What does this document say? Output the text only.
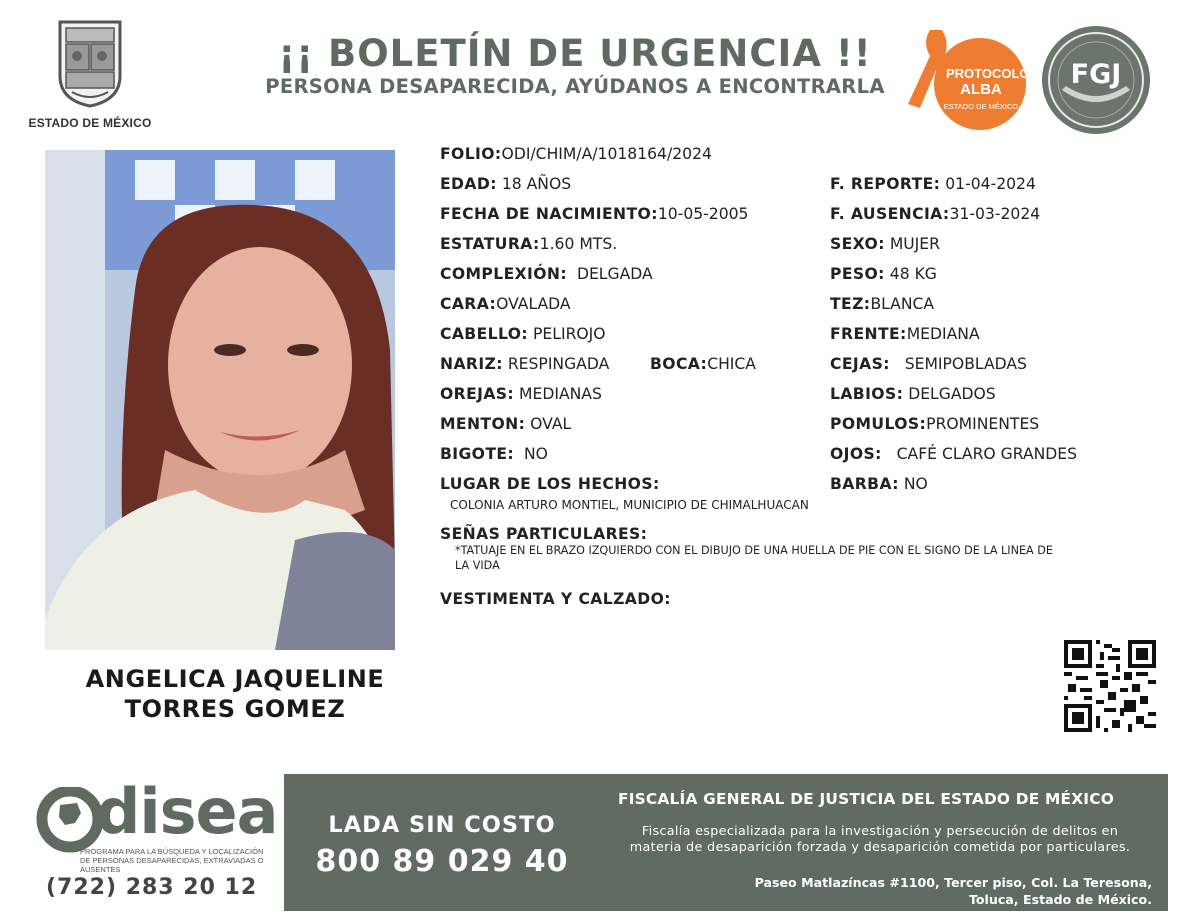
ESTADO DE MÉXICO
¡¡ BOLETÍN DE URGENCIA !!
PERSONA DESAPARECIDA, AYÚDANOS A ENCONTRARLA
PROTOCOLO
ALBA
ESTADO DE MÉXICO
FGJ
ANGELICA JAQUELINE
TORRES GOMEZ
FOLIO:ODI/CHIM/A/1018164/2024
EDAD: 18 AÑOS	F. REPORTE: 01-04-2024
FECHA DE NACIMIENTO:10-05-2005	F. AUSENCIA:31-03-2024
ESTATURA:1.60 MTS.	SEXO: MUJER
COMPLEXIÓN: DELGADA	PESO: 48 KG
CARA:OVALADA	TEZ:BLANCA
CABELLO: PELIROJO	FRENTE:MEDIANA
NARIZ: RESPINGADA	BOCA:CHICA	CEJAS: SEMIPOBLADAS
OREJAS: MEDIANAS	LABIOS: DELGADOS
MENTON: OVAL	POMULOS:PROMINENTES
BIGOTE: NO	OJOS: CAFÉ CLARO GRANDES
LUGAR DE LOS HECHOS:	BARBA: NO
COLONIA ARTURO MONTIEL, MUNICIPIO DE CHIMALHUACAN
SEÑAS PARTICULARES:
*TATUAJE EN EL BRAZO IZQUIERDO CON EL DIBUJO DE UNA HUELLA DE PIE CON EL SIGNO DE LA LINEA DE
LA VIDA
VESTIMENTA Y CALZADO:
disea
PROGRAMA PARA LA BÚSQUEDA Y LOCALIZACIÓN
DE PERSONAS DESAPARECIDAS, EXTRAVIADAS O
AUSENTES
(722) 283 20 12
LADA SIN COSTO
800 89 029 40
FISCALÍA GENERAL DE JUSTICIA DEL ESTADO DE MÉXICO
Fiscalía especializada para la investigación y persecución de delitos en
materia de desaparición forzada y desaparición cometida por particulares.
Paseo Matlazíncas #1100, Tercer piso, Col. La Teresona,
Toluca, Estado de México.
